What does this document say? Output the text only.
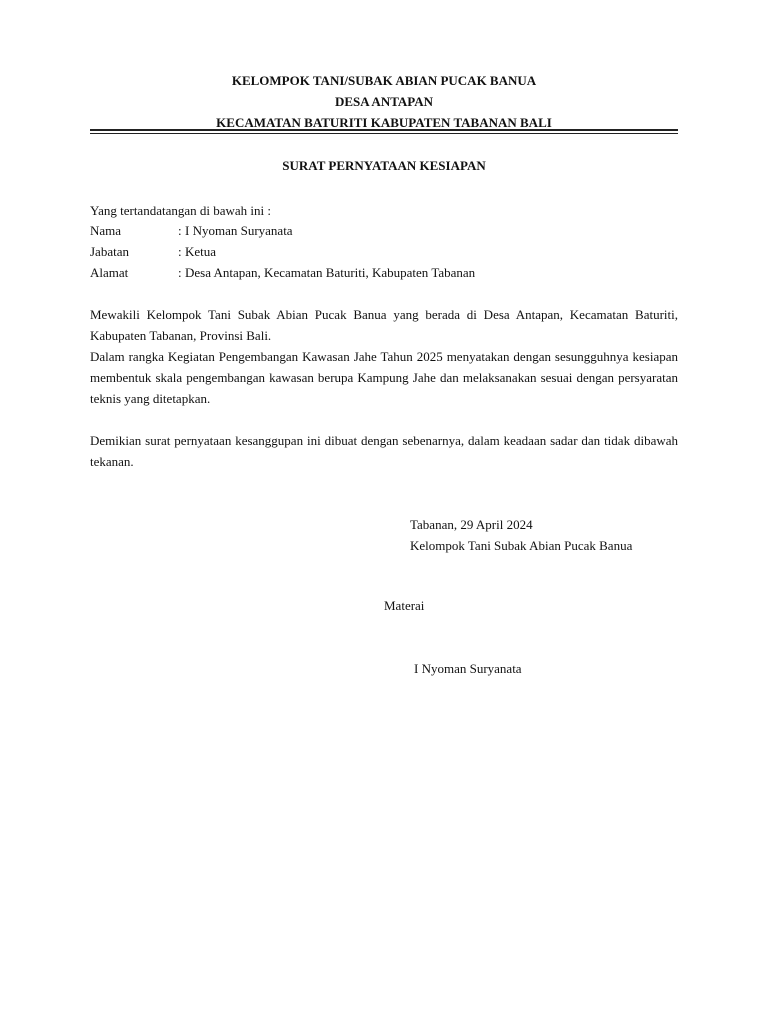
KELOMPOK TANI/SUBAK ABIAN PUCAK BANUA
DESA ANTAPAN
KECAMATAN BATURITI KABUPATEN TABANAN BALI
SURAT PERNYATAAN KESIAPAN
Yang tertandatangan di bawah ini :
Nama	: I Nyoman Suryanata
Jabatan	: Ketua
Alamat	: Desa Antapan, Kecamatan Baturiti, Kabupaten Tabanan
Mewakili Kelompok Tani Subak Abian Pucak Banua yang berada di Desa Antapan, Kecamatan Baturiti, Kabupaten Tabanan, Provinsi Bali.
Dalam rangka Kegiatan Pengembangan Kawasan Jahe Tahun 2025 menyatakan dengan sesungguhnya kesiapan membentuk skala pengembangan kawasan berupa Kampung Jahe dan melaksanakan sesuai dengan persyaratan teknis yang ditetapkan.
Demikian surat pernyataan kesanggupan ini dibuat dengan sebenarnya, dalam keadaan sadar dan tidak dibawah tekanan.
Tabanan, 29 April 2024
Kelompok Tani Subak Abian Pucak Banua
Materai
I Nyoman Suryanata
